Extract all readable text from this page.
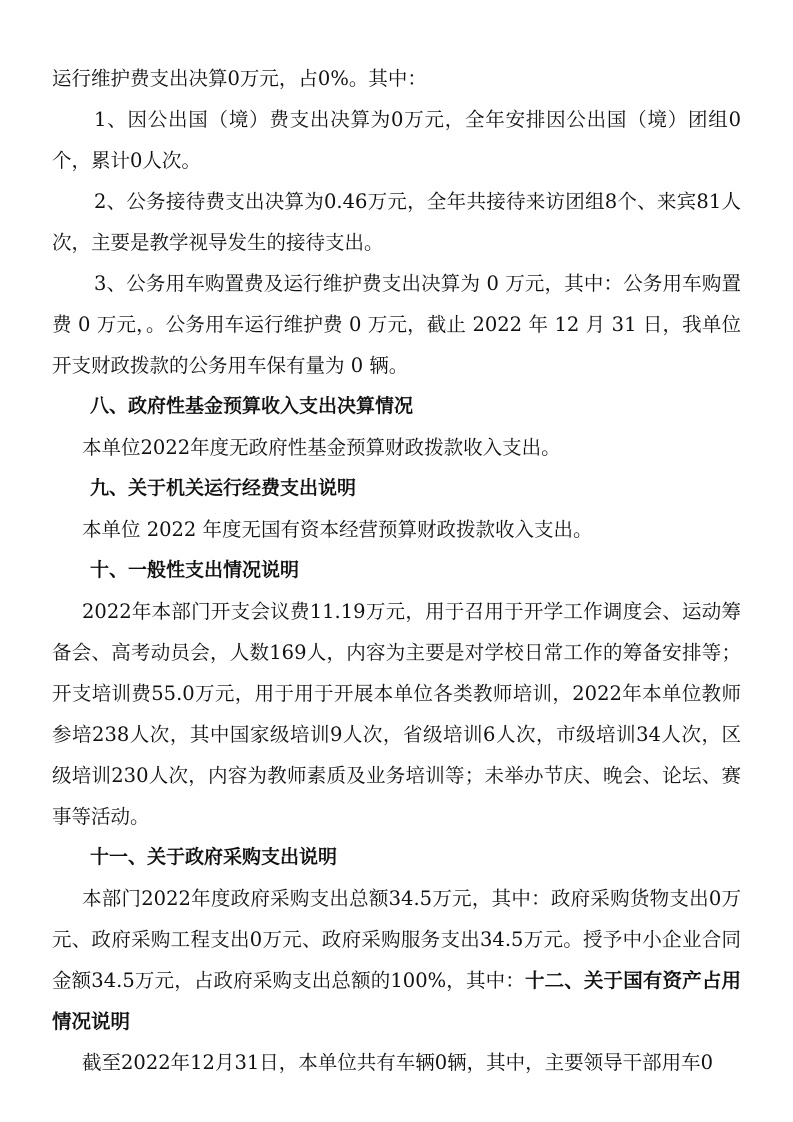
运行维护费支出决算0万元，占0%。其中：

1、因公出国（境）费支出决算为0万元，全年安排因公出国（境）团组0个，累计0人次。

2、公务接待费支出决算为0.46万元，全年共接待来访团组8个、来宾81人次，主要是教学视导发生的接待支出。

3、公务用车购置费及运行维护费支出决算为 0 万元，其中：公务用车购置费 0 万元，。公务用车运行维护费 0 万元，截止 2022 年 12 月 31 日，我单位开支财政拨款的公务用车保有量为 0 辆。

八、政府性基金预算收入支出决算情况

本单位2022年度无政府性基金预算财政拨款收入支出。

九、关于机关运行经费支出说明

本单位 2022 年度无国有资本经营预算财政拨款收入支出。

十、一般性支出情况说明

2022年本部门开支会议费11.19万元，用于召用于开学工作调度会、运动筹备会、高考动员会，人数169人，内容为主要是对学校日常工作的筹备安排等；开支培训费55.0万元，用于用于开展本单位各类教师培训，2022年本单位教师参培238人次，其中国家级培训9人次，省级培训6人次，市级培训34人次，区级培训230人次，内容为教师素质及业务培训等；未举办节庆、晚会、论坛、赛事等活动。

十一、关于政府采购支出说明

本部门2022年度政府采购支出总额34.5万元，其中：政府采购货物支出0万元、政府采购工程支出0万元、政府采购服务支出34.5万元。授予中小企业合同金额34.5万元，占政府采购支出总额的100%，其中：十二、关于国有资产占用情况说明

截至2022年12月31日，本单位共有车辆0辆，其中，主要领导干部用车0
